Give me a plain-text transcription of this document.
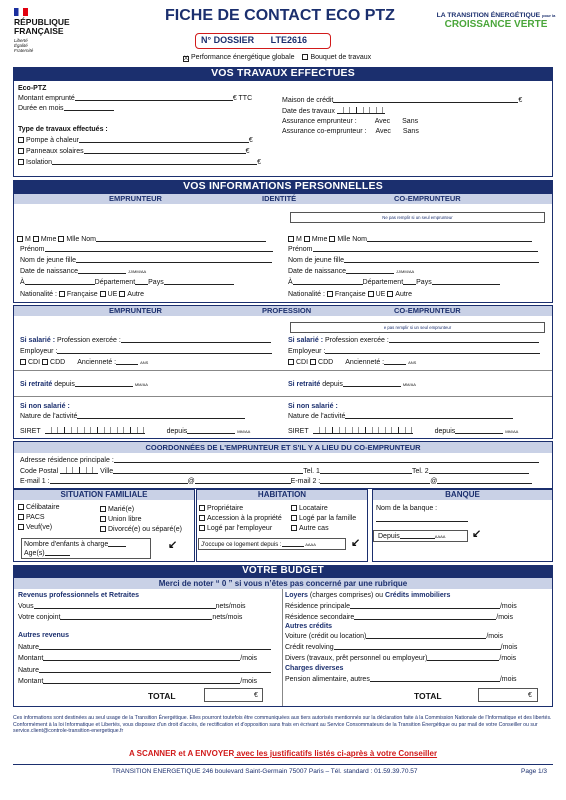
RÉPUBLIQUE
FRANÇAISE
Liberté
Égalité
Fraternité
FICHE DE CONTACT ECO PTZ
N° DOSSIER LTE2616
X Performance énergétique globale Bouquet de travaux
LA TRANSITION ÉNERGÉTIQUE pour la
CROISSANCE VERTE
VOS TRAVAUX EFFECTUES
Eco-PTZ
Montant emprunté	€ TTC
Durée en mois
Type de travaux effectués :
Pompe à chaleur	€
Panneaux solaires	€
Isolation	€
Maison de crédit	€
Date des travaux
Assurance emprunteur :	Avec Sans
Assurance co-emprunteur : Avec Sans
VOS INFORMATIONS PERSONNELLES
EMPRUNTEUR	IDENTITÉ	CO-EMPRUNTEUR
Ne pas remplir si un seul emprunteur
M Mme Mlle Nom
Prénom
Nom de jeune fille
Date de naissance	JJ/MM/AA
À	Département Pays
Nationalité : Française UE Autre
M Mme Mlle Nom
Prénom
Nom de jeune fille
Date de naissance	JJ/MM/AA
À	Département Pays
Nationalité : Française UE Autre
EMPRUNTEUR	PROFESSION	CO-EMPRUNTEUR
e pas remplir si un seul emprunteur
Si salarié : Profession exercée :
Employeur :
CDI CDD Ancienneté :	ANS
Si retraité depuis	MM/AA
Si non salarié :
Nature de l'activité
SIRET	depuis	MM/AA
Si salarié : Profession exercée :
Employeur :
CDI CDD Ancienneté :	ANS
Si retraité depuis	MM/AA
Si non salarié :
Nature de l'activité
SIRET	depuis	MM/AA
COORDONNÉES DE L'EMPRUNTEUR ET S'IL Y A LIEU DU CO-EMPRUNTEUR
Adresse résidence principale :
Code Postal	Ville	Tel. 1	Tel. 2
E-mail 1 :	@	E-mail 2 :	@
SITUATION FAMILIALE
Célibataire
PACS
Veuf(ve)
Marié(e)
Union libre
Divorcé(e) ou séparé(e)
Nombre d'enfants à charge
Age(s)
↙
HABITATION
Propriétaire
Accession à la propriété
Logé par l'employeur
Locataire
Logé par la famille
Autre cas
J'occupe ce logement depuis :	AAAA	↙
BANQUE
Nom de la banque :
Depuis	AAAA ↙
VOTRE BUDGET
Merci de noter “ 0 ” si vous n’êtes pas concerné par une rubrique
Revenus professionnels et Retraites
Vous	nets/mois
Votre conjoint	nets/mois
Autres revenus
Nature
Montant	/mois
Nature
Montant	/mois
TOTAL	€
Loyers (charges comprises) ou Crédits immobiliers
Résidence principale	/mois
Résidence secondaire	/mois
Autres crédits
Voiture (crédit ou location)	/mois
Crédit revolving	/mois
Divers (travaux, prêt personnel ou employeur)	/mois
Charges diverses
Pension alimentaire, autres	/mois
TOTAL	€
Ces informations sont destinées au seul usage de la Transition Énergétique. Elles pourront toutefois être communiquées aux tiers autorisés mentionnés sur la déclaration faite à la Commission Nationale de l'Informatique et des libertés. Conformément à la loi Informatique et Libertés, vous disposez d'un droit d'accès, de rectification et d'opposition sans frais en écrivant au Service Consommateurs de la Transition Énergétique ou par mail de votre Conseiller ou sur service.client@controle-transition-energetique.fr
A SCANNER et A ENVOYER avec les justificatifs listés ci-après à votre Conseiller
TRANSITION ENERGETIQUE 246 boulevard Saint-Germain 75007 Paris – Tél. standard : 01.59.39.70.57	Page 1/3
